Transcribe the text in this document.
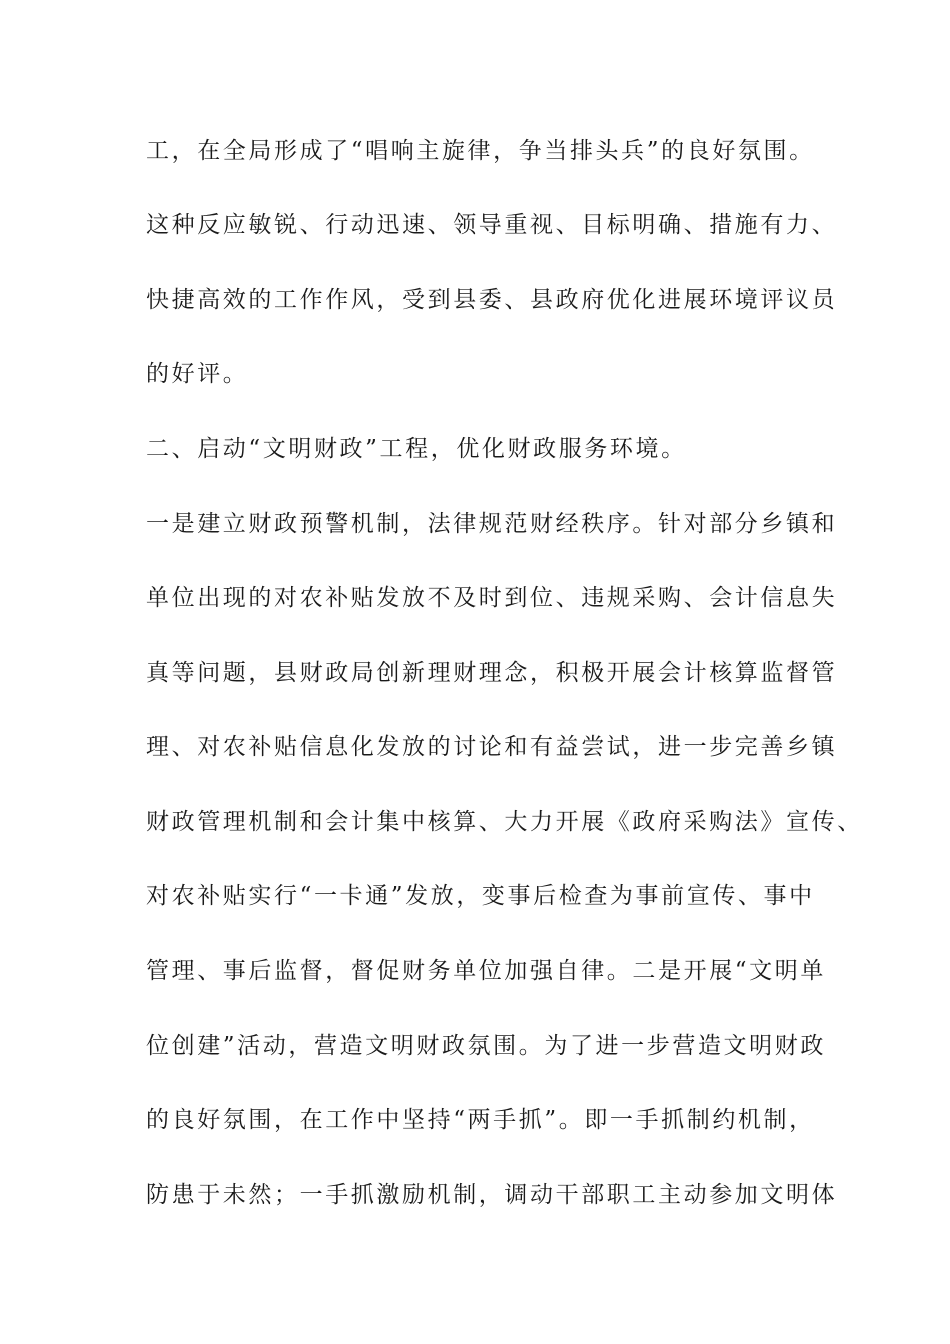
工，在全局形成了“唱响主旋律，争当排头兵”的良好氛围。
这种反应敏锐、行动迅速、领导重视、目标明确、措施有力、
快捷高效的工作作风，受到县委、县政府优化进展环境评议员
的好评。
二、启动“文明财政”工程，优化财政服务环境。
一是建立财政预警机制，法律规范财经秩序。针对部分乡镇和
单位出现的对农补贴发放不及时到位、违规采购、会计信息失
真等问题，县财政局创新理财理念，积极开展会计核算监督管
理、对农补贴信息化发放的讨论和有益尝试，进一步完善乡镇
财政管理机制和会计集中核算、大力开展《政府采购法》宣传、
对农补贴实行“一卡通”发放，变事后检查为事前宣传、事中
管理、事后监督，督促财务单位加强自律。二是开展“文明单
位创建”活动，营造文明财政氛围。为了进一步营造文明财政
的良好氛围，在工作中坚持“两手抓”。即一手抓制约机制，
防患于未然；一手抓激励机制，调动干部职工主动参加文明体
